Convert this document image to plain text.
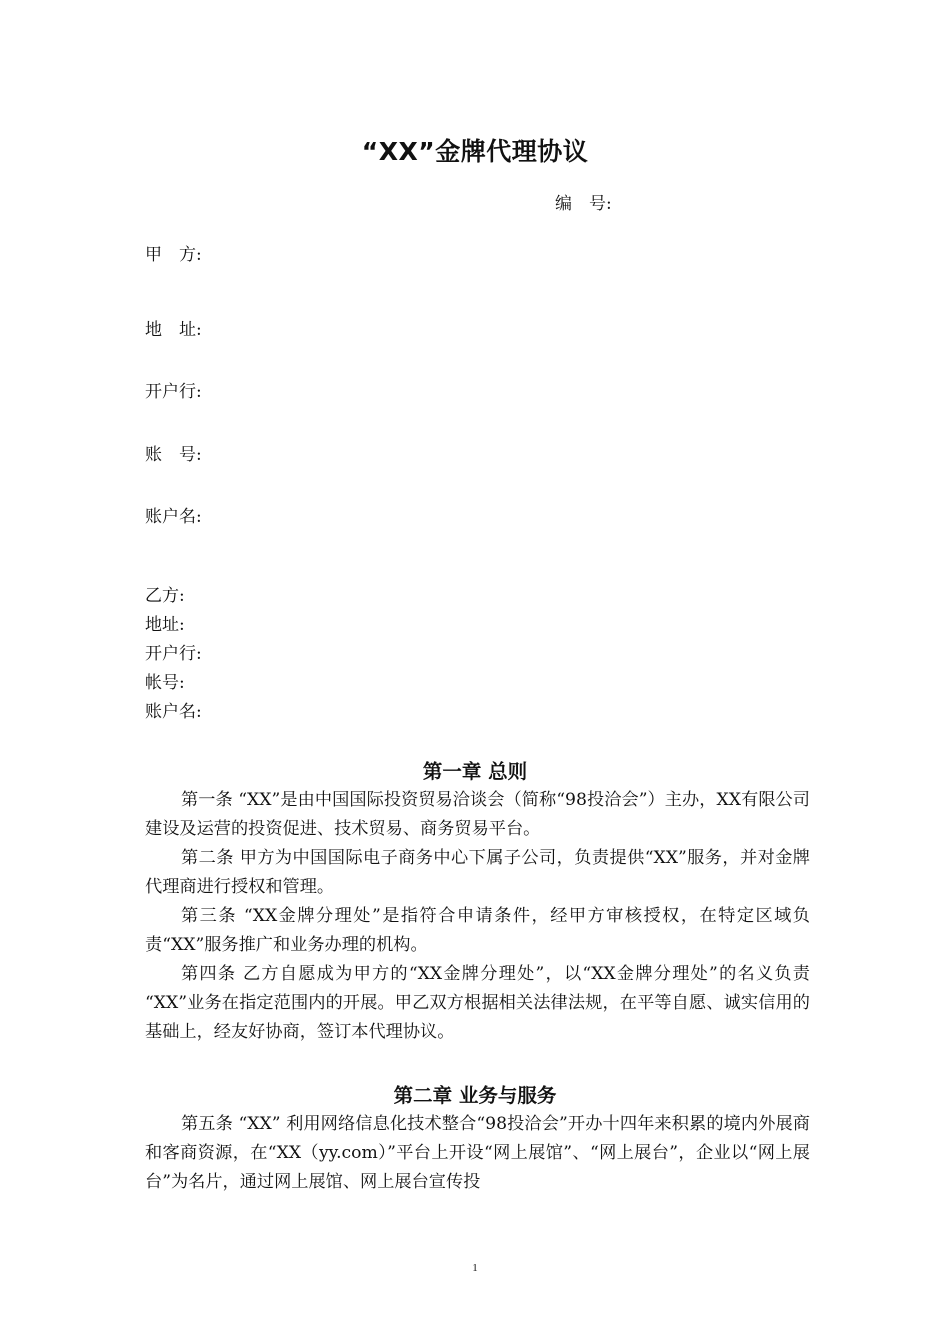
“XX”金牌代理协议
编　号:
甲　方:
地　址:
开户行:
账　号:
账户名:
乙方:
地址:
开户行:
帐号:
账户名:
第一章 总则
第一条 “XX”是由中国国际投资贸易洽谈会（简称“98投洽会”）主办，XX有限公司建设及运营的投资促进、技术贸易、商务贸易平台。
第二条 甲方为中国国际电子商务中心下属子公司，负责提供“XX”服务，并对金牌代理商进行授权和管理。
第三条 “XX金牌分理处”是指符合申请条件，经甲方审核授权，在特定区域负责“XX”服务推广和业务办理的机构。
第四条 乙方自愿成为甲方的“XX金牌分理处”，以“XX金牌分理处”的名义负责 “XX”业务在指定范围内的开展。甲乙双方根据相关法律法规，在平等自愿、诚实信用的基础上，经友好协商，签订本代理协议。
第二章 业务与服务
第五条 “XX” 利用网络信息化技术整合“98投洽会”开办十四年来积累的境内外展商和客商资源，在“XX（yy.com）”平台上开设“网上展馆”、“网上展台”，企业以“网上展台”为名片，通过网上展馆、网上展台宣传投
1
